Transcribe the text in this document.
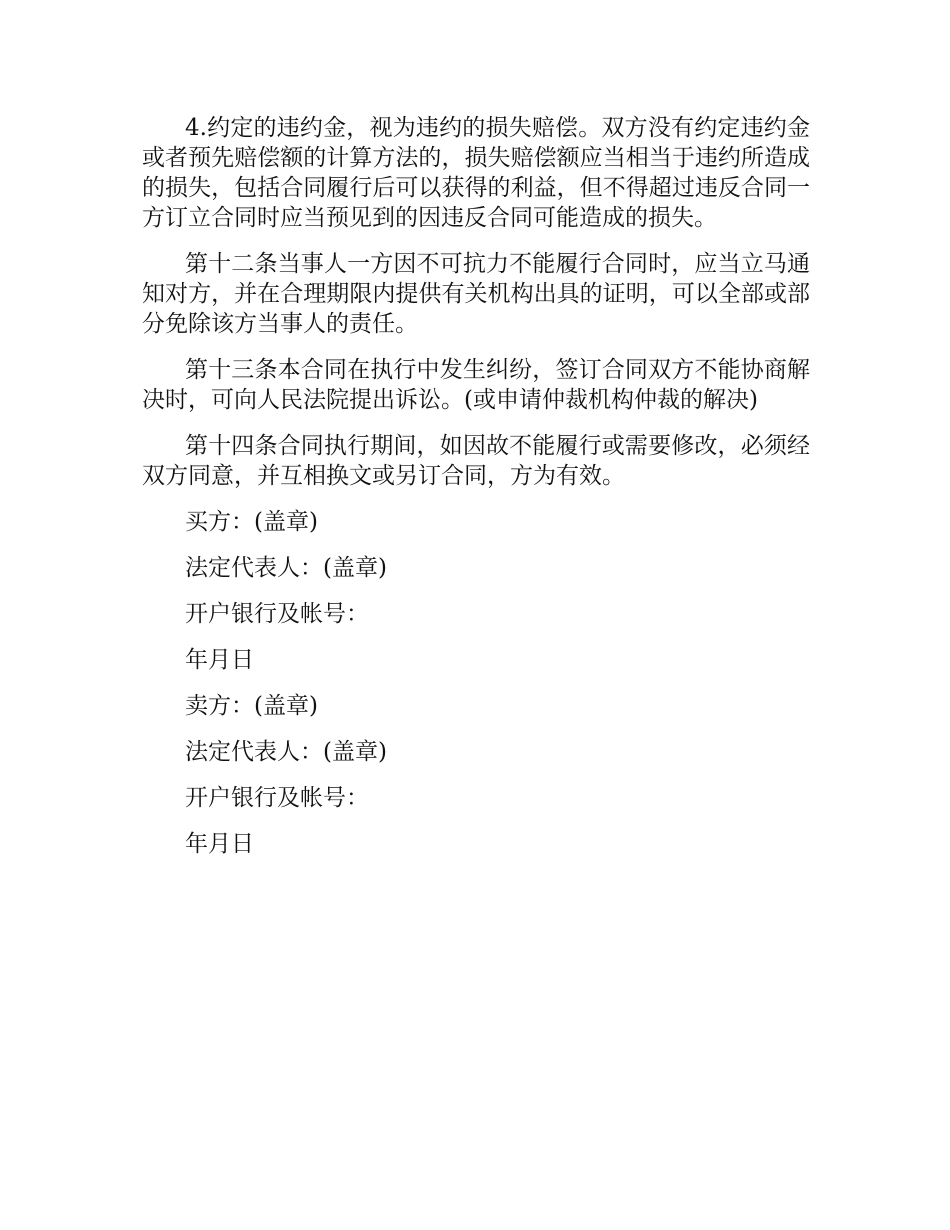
4.约定的违约金，视为违约的损失赔偿。双方没有约定违约金或者预先赔偿额的计算方法的，损失赔偿额应当相当于违约所造成的损失，包括合同履行后可以获得的利益，但不得超过违反合同一方订立合同时应当预见到的因违反合同可能造成的损失。

第十二条当事人一方因不可抗力不能履行合同时，应当立马通知对方，并在合理期限内提供有关机构出具的证明，可以全部或部分免除该方当事人的责任。

第十三条本合同在执行中发生纠纷，签订合同双方不能协商解决时，可向人民法院提出诉讼。(或申请仲裁机构仲裁的解决)

第十四条合同执行期间，如因故不能履行或需要修改，必须经双方同意，并互相换文或另订合同，方为有效。

买方：(盖章)

法定代表人：(盖章)

开户银行及帐号：

年月日

卖方：(盖章)

法定代表人：(盖章)

开户银行及帐号：

年月日
